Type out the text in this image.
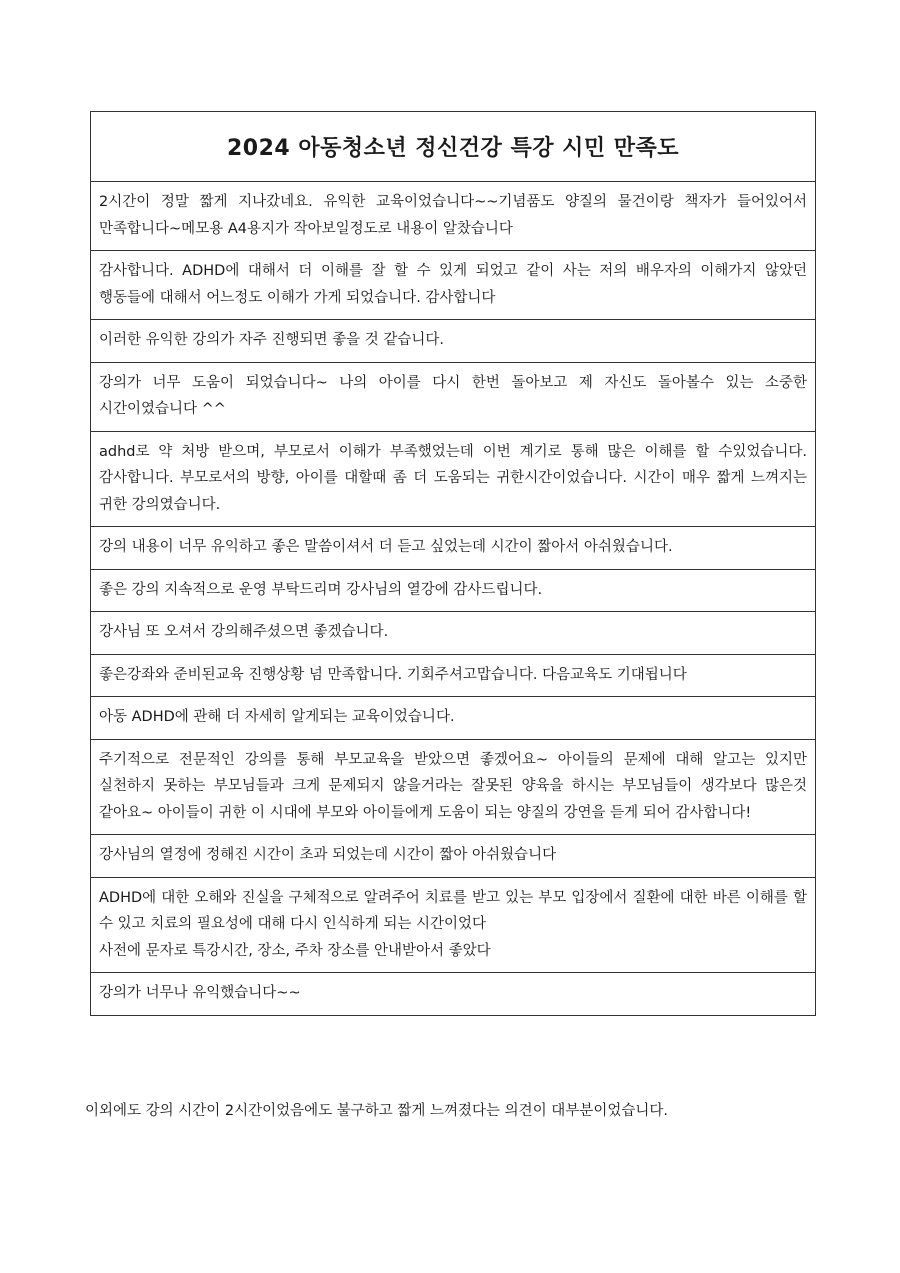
2024 아동청소년 정신건강 특강 시민 만족도
2시간이 정말 짧게 지나갔네요. 유익한 교육이었습니다~~기념품도 양질의 물건이랑 책자가 들어있어서 만족합니다~메모용 A4용지가 작아보일정도로 내용이 알찼습니다
감사합니다. ADHD에 대해서 더 이해를 잘 할 수 있게 되었고 같이 사는 저의 배우자의 이해가지 않았던 행동들에 대해서 어느정도 이해가 가게 되었습니다. 감사합니다
이러한 유익한 강의가 자주 진행되면 좋을 것 같습니다.
강의가 너무 도움이 되었습니다~ 나의 아이를 다시 한번 돌아보고 제 자신도 돌아볼수 있는 소중한 시간이였습니다 ^^
adhd로 약 처방 받으며, 부모로서 이해가 부족했었는데 이번 계기로 통해 많은 이해를 할 수있었습니다. 감사합니다. 부모로서의 방향, 아이를 대할때 좀 더 도움되는 귀한시간이었습니다. 시간이 매우 짧게 느껴지는 귀한 강의였습니다.
강의 내용이 너무 유익하고 좋은 말씀이셔서 더 듣고 싶었는데 시간이 짧아서 아쉬웠습니다.
좋은 강의 지속적으로 운영 부탁드리며 강사님의 열강에 감사드립니다.
강사님 또 오셔서 강의해주셨으면 좋겠습니다.
좋은강좌와 준비된교육 진행상황 넘 만족합니다. 기회주셔고맙습니다. 다음교육도 기대됩니다
아동 ADHD에 관해 더 자세히 알게되는 교육이었습니다.
주기적으로 전문적인 강의를 통해 부모교육을 받았으면 좋겠어요~ 아이들의 문제에 대해 알고는 있지만 실천하지 못하는 부모님들과 크게 문제되지 않을거라는 잘못된 양육을 하시는 부모님들이 생각보다 많은것 같아요~ 아이들이 귀한 이 시대에 부모와 아이들에게 도움이 되는 양질의 강연을 듣게 되어 감사합니다!
강사님의 열정에 정해진 시간이 초과 되었는데 시간이 짧아 아쉬웠습니다
ADHD에 대한 오해와 진실을 구체적으로 알려주어 치료를 받고 있는 부모 입장에서 질환에 대한 바른 이해를 할 수 있고 치료의 필요성에 대해 다시 인식하게 되는 시간이었다
사전에 문자로 특강시간, 장소, 주차 장소를 안내받아서 좋았다
강의가 너무나 유익했습니다~~
이외에도 강의 시간이 2시간이었음에도 불구하고 짧게 느껴졌다는 의견이 대부분이었습니다.
